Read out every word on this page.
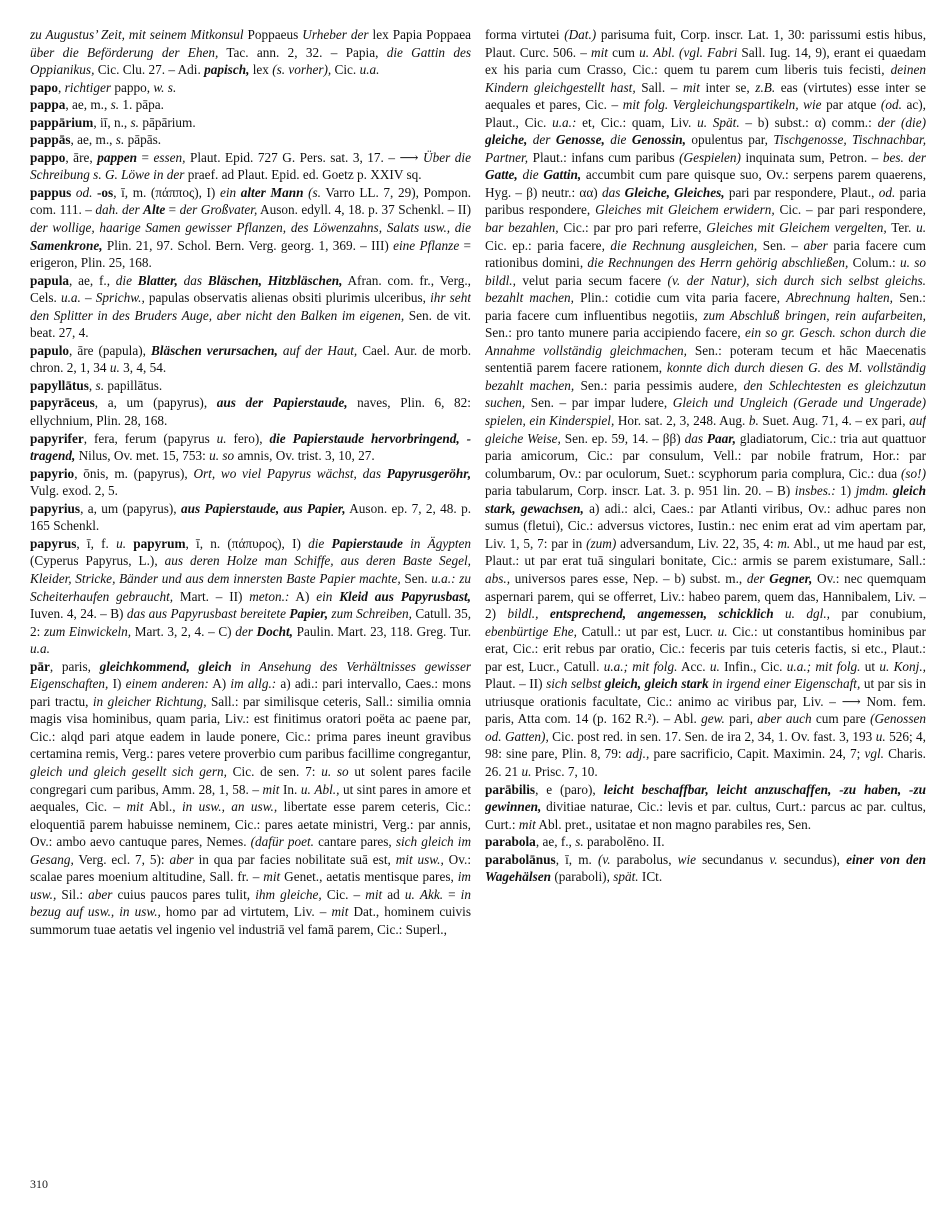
zu Augustus’ Zeit, mit seinem Mitkonsul Poppaeus Urheber der lex Papia Poppaea über die Beförderung der Ehen, Tac. ann. 2, 32. – Papia, die Gattin des Oppianikus, Cic. Clu. 27. – Adi. papisch, lex (s. vorher), Cic. u.a.

papo, richtiger pappo, w. s.

pappa, ae, m., s. 1. pāpa.

pappārium, iī, n., s. pāpārium.

pappās, ae, m., s. pāpās.

pappo, āre, pappen = essen, Plaut. Epid. 727 G. Pers. sat. 3, 17. – ⟶ Über die Schreibung s. G. Löwe in der praef. ad Plaut. Epid. ed. Goetz p. XXIV sq.

pappus od. -os, ī, m. (πάππος), I) ein alter Mann (s. Varro LL. 7, 29), Pompon. com. 111. – dah. der Alte = der Großvater, Auson. edyll. 4, 18. p. 37 Schenkl. – II) der wollige, haarige Samen gewisser Pflanzen, des Löwenzahns, Salats usw., die Samenkrone, Plin. 21, 97. Schol. Bern. Verg. georg. 1, 369. – III) eine Pflanze = erigeron, Plin. 25, 168.

papula, ae, f., die Blatter, das Bläschen, Hitzbläschen, Afran. com. fr., Verg., Cels. u.a. – Sprichw., papulas observatis alienas obsiti plurimis ulceribus, ihr seht den Splitter in des Bruders Auge, aber nicht den Balken im eigenen, Sen. de vit. beat. 27, 4.

papulo, āre (papula), Bläschen verursachen, auf der Haut, Cael. Aur. de morb. chron. 2, 1, 34 u. 3, 4, 54.

papyllātus, s. papillātus.

papyrāceus, a, um (papyrus), aus der Papierstaude, naves, Plin. 6, 82: ellychnium, Plin. 28, 168.

papyrifer, fera, ferum (papyrus u. fero), die Papierstaude hervorbringend, -tragend, Nilus, Ov. met. 15, 753: u. so amnis, Ov. trist. 3, 10, 27.

papyrio, ōnis, m. (papyrus), Ort, wo viel Papyrus wächst, das Papyrusgeröhr, Vulg. exod. 2, 5.

papyrius, a, um (papyrus), aus Papierstaude, aus Papier, Auson. ep. 7, 2, 48. p. 165 Schenkl.

papyrus, ī, f. u. papyrum, ī, n. (πάπυρος), I) die Papierstaude in Ägypten (Cyperus Papyrus, L.), aus deren Holze man Schiffe, aus deren Baste Segel, Kleider, Stricke, Bänder und aus dem innersten Baste Papier machte, Sen. u.a.: zu Scheiterhaufen gebraucht, Mart. – II) meton.: A) ein Kleid aus Papyrusbast, Iuven. 4, 24. – B) das aus Papyrusbast bereitete Papier, zum Schreiben, Catull. 35, 2: zum Einwickeln, Mart. 3, 2, 4. – C) der Docht, Paulin. Mart. 23, 118. Greg. Tur. u.a.

pār, paris, gleichkommend, gleich in Ansehung des Verhältnisses gewisser Eigenschaften, I) einem anderen: A) im allg.: a) adi.: pari intervallo, Caes.: mons pari tractu, in gleicher Richtung, Sall.: par similisque ceteris, Sall.: similia omnia magis visa hominibus, quam paria, Liv.: est finitimus oratori poëta ac paene par, Cic.: alqd pari atque eadem in laude ponere, Cic.: prima pares ineunt gravibus certamina remis, Verg.: pares vetere proverbio cum paribus facillime congregantur, gleich und gleich gesellt sich gern, Cic. de sen. 7: u. so ut solent pares facile congregari cum paribus, Amm. 28, 1, 58. – mit In. u. Abl., ut sint pares in amore et aequales, Cic. – mit Abl., in usw., an usw., libertate esse parem ceteris, Cic.: eloquentiā parem habuisse neminem, Cic.: pares aetate ministri, Verg.: par annis, Ov.: ambo aevo cantuque pares, Nemes. (dafür poet. cantare pares, sich gleich im Gesang, Verg. ecl. 7, 5): aber in qua par facies nobilitate suā est, mit usw., Ov.: scalae pares moenium altitudine, Sall. fr. – mit Genet., aetatis mentisque pares, im usw., Sil.: aber cuius paucos pares tulit, ihm gleiche, Cic. – mit ad u. Akk. = in bezug auf usw., in usw., homo par ad virtutem, Liv. – mit Dat., hominem cuivis summorum tuae aetatis vel ingenio vel industriā vel famā parem, Cic.: Superl.,

forma virtutei (Dat.) parisuma fuit, Corp. inscr. Lat. 1, 30: parissumi estis hibus, Plaut. Curc. 506. – mit cum u. Abl. (vgl. Fabri Sall. Iug. 14, 9), erant ei quaedam ex his paria cum Crasso, Cic.: quem tu parem cum liberis tuis fecisti, deinen Kindern gleichgestellt hast, Sall. – mit inter se, z.B. eas (virtutes) esse inter se aequales et pares, Cic. – mit folg. Vergleichungspartikeln, wie par atque (od. ac), Plaut., Cic. u.a.: et, Cic.: quam, Liv. u. Spät. – b) subst.: α) comm.: der (die) gleiche, der Genosse, die Genossin, opulentus par, Tischgenosse, Tischnachbar, Partner, Plaut.: infans cum paribus (Gespielen) inquinata sum, Petron. – bes. der Gatte, die Gattin, accumbit cum pare quisque suo, Ov.: serpens parem quaerens, Hyg. – β) neutr.: αα) das Gleiche, Gleiches, pari par respondere, Plaut., od. paria paribus respondere, Gleiches mit Gleichem erwidern, Cic. – par pari respondere, bar bezahlen, Cic.: par pro pari referre, Gleiches mit Gleichem vergelten, Ter. u. Cic. ep.: paria facere, die Rechnung ausgleichen, Sen. – aber paria facere cum rationibus domini, die Rechnungen des Herrn gehörig abschließen, Colum.: u. so bildl., velut paria secum facere (v. der Natur), sich durch sich selbst gleichs. bezahlt machen, Plin.: cotidie cum vita paria facere, Abrechnung halten, Sen.: paria facere cum influentibus negotiis, zum Abschluß bringen, rein aufarbeiten, Sen.: pro tanto munere paria accipiendo facere, ein so gr. Gesch. schon durch die Annahme vollständig gleichmachen, Sen.: poteram tecum et hāc Maecenatis sententiā parem facere rationem, konnte dich durch diesen G. des M. vollständig bezahlt machen, Sen.: paria pessimis audere, den Schlechtesten es gleichzutun suchen, Sen. – par impar ludere, Gleich und Ungleich (Gerade und Ungerade) spielen, ein Kinderspiel, Hor. sat. 2, 3, 248. Aug. b. Suet. Aug. 71, 4. – ex pari, auf gleiche Weise, Sen. ep. 59, 14. – ββ) das Paar, gladiatorum, Cic.: tria aut quattuor paria amicorum, Cic.: par consulum, Vell.: par nobile fratrum, Hor.: par columbarum, Ov.: par oculorum, Suet.: scyphorum paria complura, Cic.: dua (so!) paria tabularum, Corp. inscr. Lat. 3. p. 951 lin. 20. – B) insbes.: 1) jmdm. gleich stark, gewachsen, a) adi.: alci, Caes.: par Atlanti viribus, Ov.: adhuc pares non sumus (fletui), Cic.: adversus victores, Iustin.: nec enim erat ad vim apertam par, Liv. 1, 5, 7: par in (zum) adversandum, Liv. 22, 35, 4: m. Abl., ut me haud par est, Plaut.: ut par erat tuā singulari bonitate, Cic.: armis se parem existumare, Sall.: abs., universos pares esse, Nep. – b) subst. m., der Gegner, Ov.: nec quemquam aspernari parem, qui se offerret, Liv.: habeo parem, quem das, Hannibalem, Liv. – 2) bildl., entsprechend, angemessen, schicklich u. dgl., par conubium, ebenbürtige Ehe, Catull.: ut par est, Lucr. u. Cic.: ut constantibus hominibus par erat, Cic.: erit rebus par oratio, Cic.: feceris par tuis ceteris factis, si etc., Plaut.: par est, Lucr., Catull. u.a.; mit folg. Acc. u. Infin., Cic. u.a.; mit folg. ut u. Konj., Plaut. – II) sich selbst gleich, gleich stark in irgend einer Eigenschaft, ut par sis in utriusque orationis facultate, Cic.: animo ac viribus par, Liv. – ⟶ Nom. fem. paris, Atta com. 14 (p. 162 R.²). – Abl. gew. pari, aber auch cum pare (Genossen od. Gatten), Cic. post red. in sen. 17. Sen. de ira 2, 34, 1. Ov. fast. 3, 193 u. 526; 4, 98: sine pare, Plin. 8, 79: adj., pare sacrificio, Capit. Maximin. 24, 7; vgl. Charis. 26. 21 u. Prisc. 7, 10.

parābilis, e (paro), leicht beschaffbar, leicht anzuschaffen, -zu haben, -zu gewinnen, divitiae naturae, Cic.: levis et par. cultus, Curt.: parcus ac par. cultus, Curt.: mit Abl. pret., usitatae et non magno parabiles res, Sen.

parabola, ae, f., s. parabolēno. II.

parabolānus, ī, m. (v. parabolus, wie secundanus v. secundus), einer von den Wagehälsen (paraboli), spät. ICt.

310
